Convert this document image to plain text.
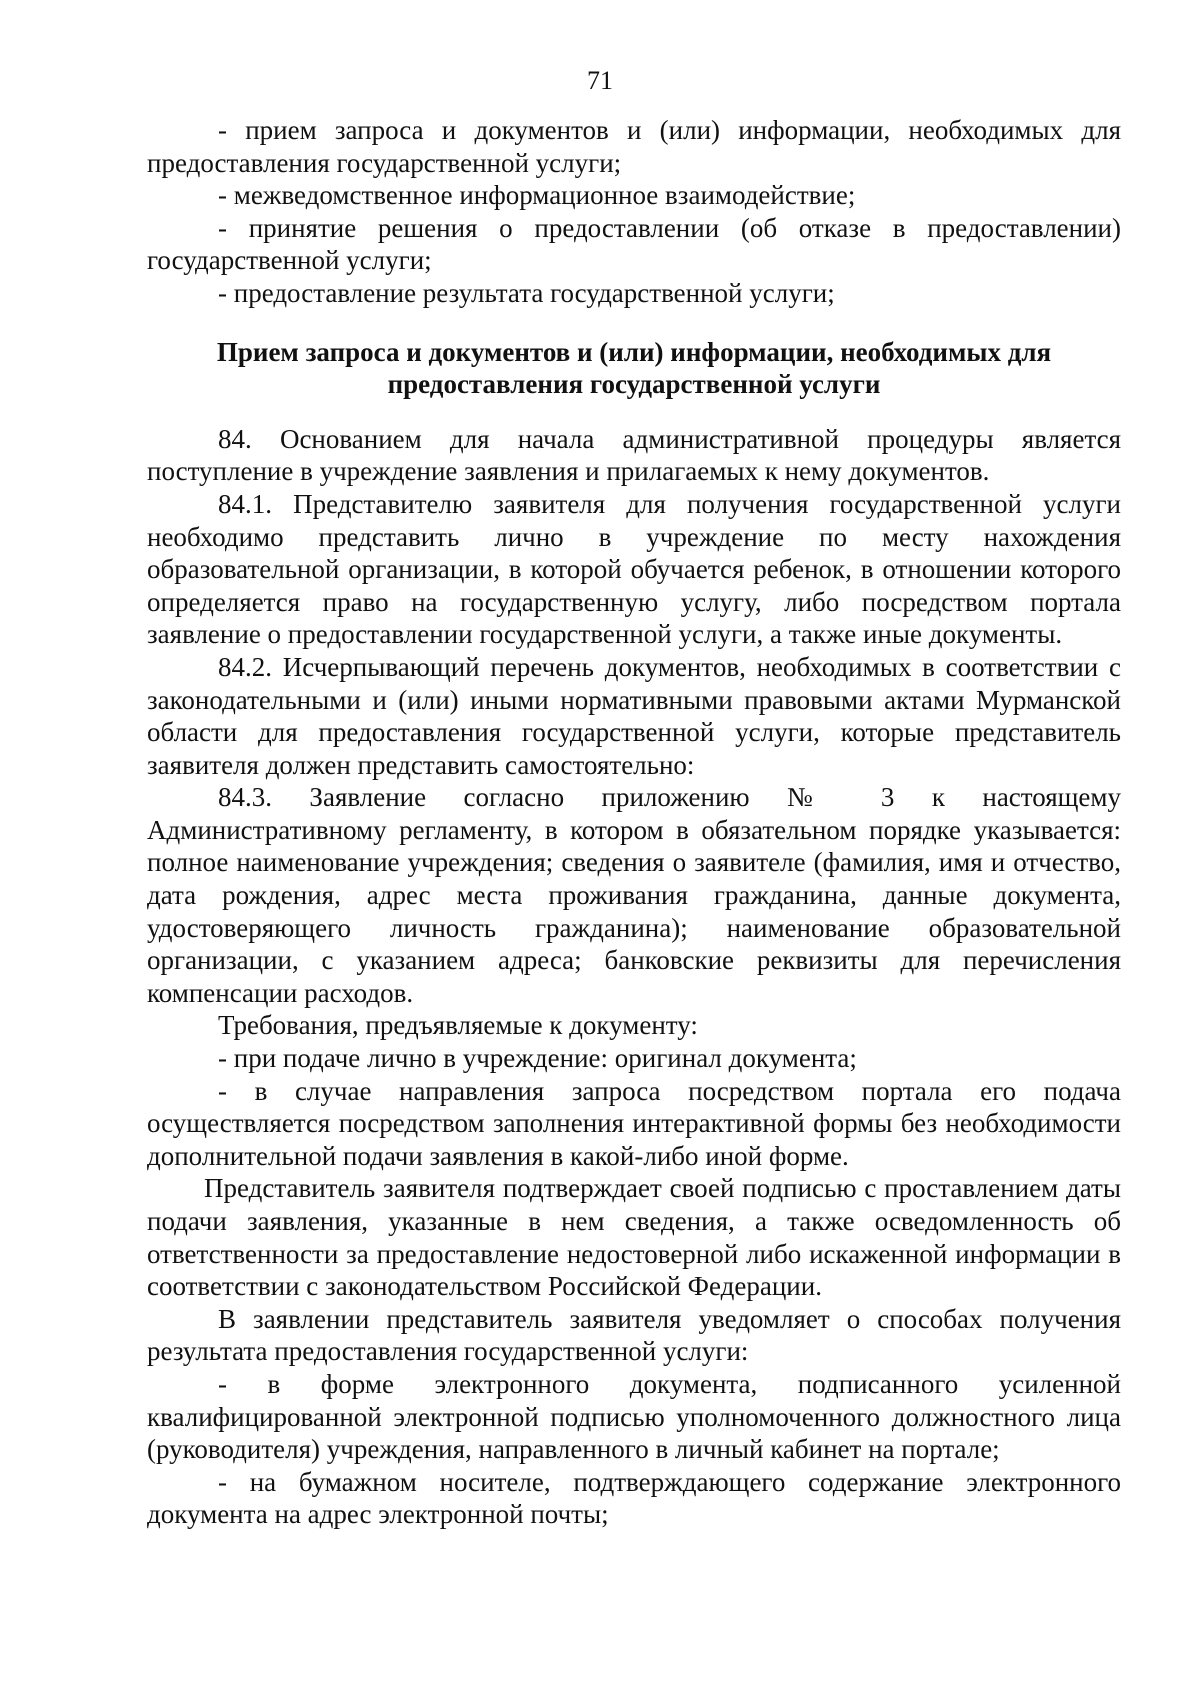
71

- прием запроса и документов и (или) информации, необходимых для предоставления государственной услуги;

- межведомственное информационное взаимодействие;

- принятие решения о предоставлении (об отказе в предоставлении) государственной услуги;

- предоставление результата государственной услуги;

Прием запроса и документов и (или) информации, необходимых для
предоставления государственной услуги

84. Основанием для начала административной процедуры является поступление в учреждение заявления и прилагаемых к нему документов.

84.1. Представителю заявителя для получения государственной услуги необходимо представить лично в учреждение по месту нахождения образовательной организации, в которой обучается ребенок, в отношении которого определяется право на государственную услугу, либо посредством портала заявление о предоставлении государственной услуги, а также иные документы.

84.2. Исчерпывающий перечень документов, необходимых в соответствии с законодательными и (или) иными нормативными правовыми актами Мурманской области для предоставления государственной услуги, которые представитель заявителя должен представить самостоятельно:

84.3. Заявление согласно приложению № 3 к настоящему Административному регламенту, в котором в обязательном порядке указывается: полное наименование учреждения; сведения о заявителе (фамилия, имя и отчество, дата рождения, адрес места проживания гражданина, данные документа, удостоверяющего личность гражданина); наименование образовательной организации, с указанием адреса; банковские реквизиты для перечисления компенсации расходов.

Требования, предъявляемые к документу:

- при подаче лично в учреждение: оригинал документа;

- в случае направления запроса посредством портала его подача осуществляется посредством заполнения интерактивной формы без необходимости дополнительной подачи заявления в какой-либо иной форме.

Представитель заявителя подтверждает своей подписью с проставлением даты подачи заявления, указанные в нем сведения, а также осведомленность об ответственности за предоставление недостоверной либо искаженной информации в соответствии с законодательством Российской Федерации.

В заявлении представитель заявителя уведомляет о способах получения результата предоставления государственной услуги:

- в форме электронного документа, подписанного усиленной квалифицированной электронной подписью уполномоченного должностного лица (руководителя) учреждения, направленного в личный кабинет на портале;

- на бумажном носителе, подтверждающего содержание электронного документа на адрес электронной почты;
